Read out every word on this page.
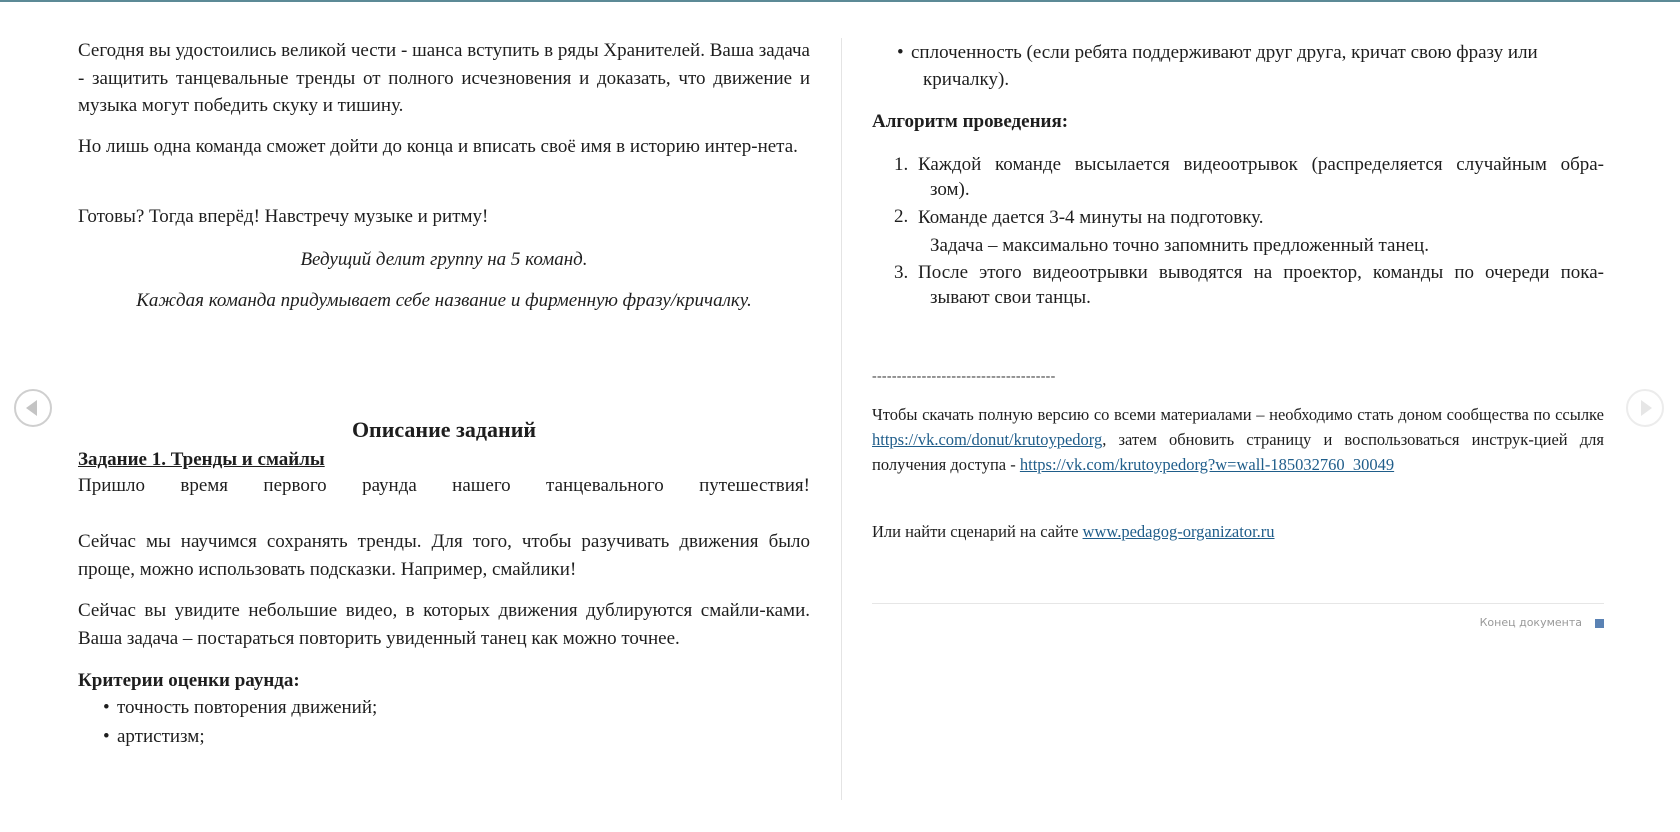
Сегодня вы удостоились великой чести - шанса вступить в ряды Хранителей. Ваша задача - защитить танцевальные тренды от полного исчезновения и доказать, что движение и музыка могут победить скуку и тишину.

Но лишь одна команда сможет дойти до конца и вписать своё имя в историю интер-нета.

Готовы? Тогда вперёд! Навстречу музыке и ритму!

Ведущий делит группу на 5 команд.

Каждая команда придумывает себе название и фирменную фразу/кричалку.

Описание заданий

Задание 1. Тренды и смайлы

Пришло время первого раунда нашего танцевального путешествия!

Сейчас мы научимся сохранять тренды. Для того, чтобы разучивать движения было проще, можно использовать подсказки. Например, смайлики!

Сейчас вы увидите небольшие видео, в которых движения дублируются смайли-ками. Ваша задача – постараться повторить увиденный танец как можно точнее.

Критерии оценки раунда:

• точность повторения движений;
• артистизм;
• сплоченность (если ребята поддерживают друг друга, кричат свою фразу или

кричалку).

Алгоритм проведения:

1. Каждой команде высылается видеоотрывок (распределяется случайным обра-
зом).
2. Команде дается 3-4 минуты на подготовку.
Задача – максимально точно запомнить предложенный танец.
3. После этого видеоотрывки выводятся на проектор, команды по очереди пока-
зывают свои танцы.
-------------------------------------
Чтобы скачать полную версию со всеми материалами – необходимо стать доном сообщества по ссылке https://vk.com/donut/krutoypedorg, затем обновить страницу и воспользоваться инструк-цией для получения доступа - https://vk.com/krutoypedorg?w=wall-185032760_30049
Или найти сценарий на сайте www.pedagog-organizator.ru
Конец документа
